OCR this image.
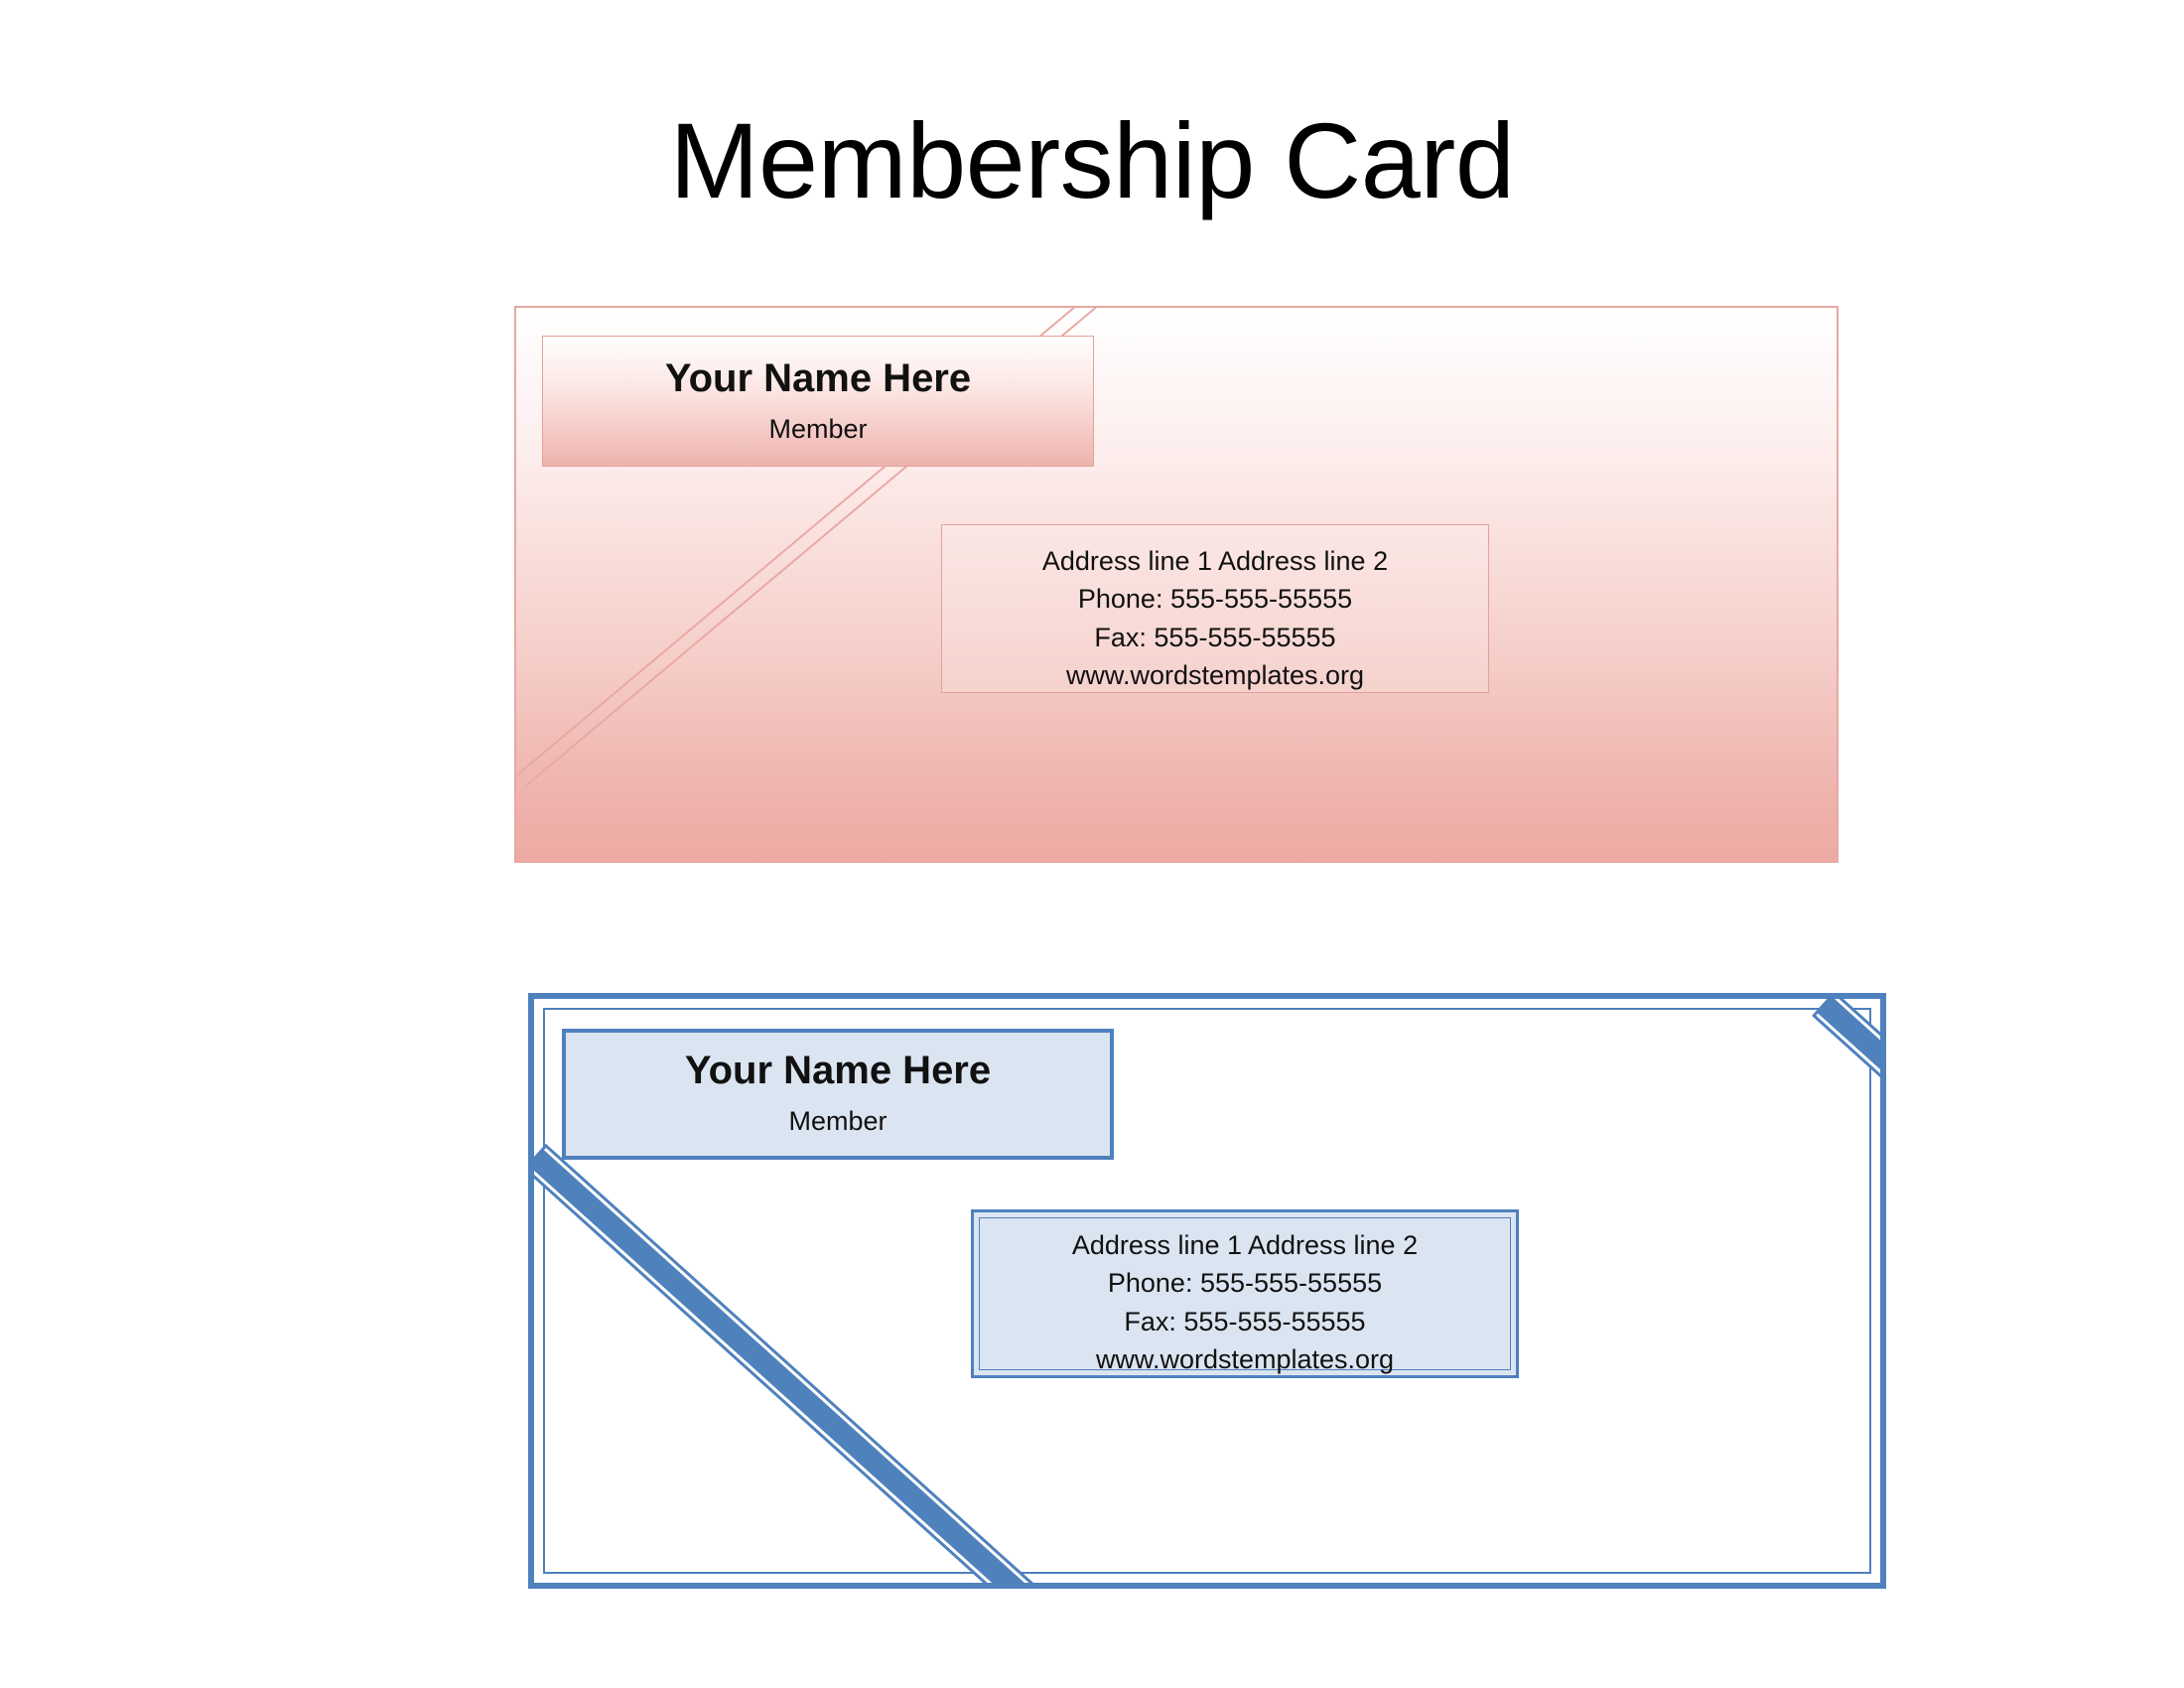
Membership Card
Your Name Here
Member
Address line 1 Address line 2
Phone: 555-555-55555
Fax: 555-555-55555
www.wordstemplates.org
Your Name Here
Member
Address line 1 Address line 2
Phone: 555-555-55555
Fax: 555-555-55555
www.wordstemplates.org
